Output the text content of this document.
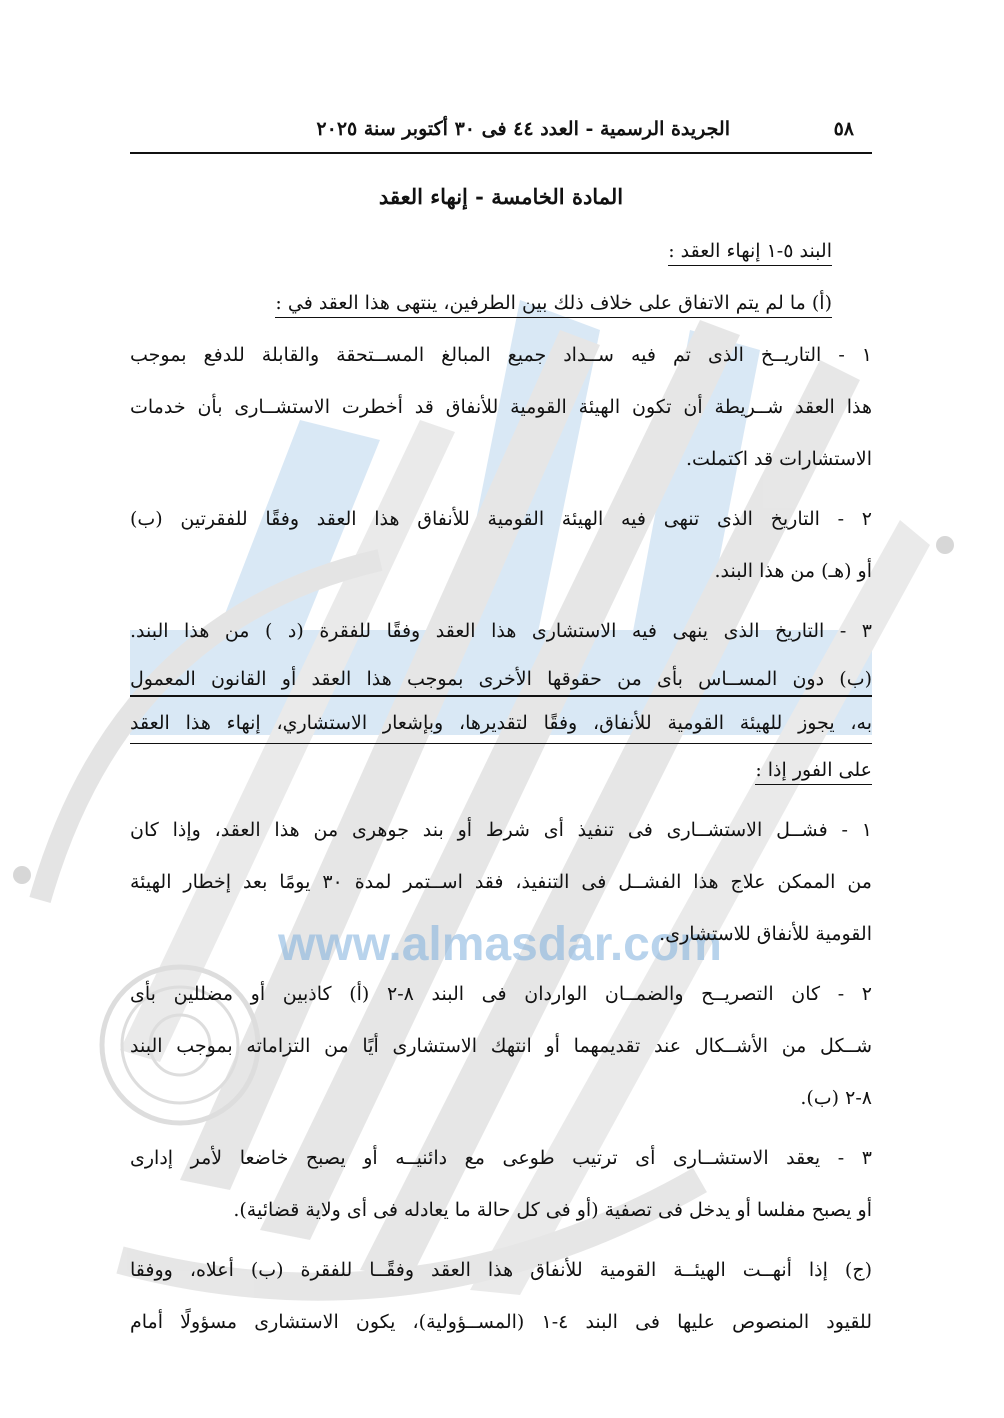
www.almasdar.com
٥٨
الجريدة الرسمية - العدد ٤٤ فى ٣٠ أكتوبر سنة ٢٠٢٥
المادة الخامسة - إنهاء العقد
البند ٥-١ إنهاء العقد :
(أ) ما لم يتم الاتفاق على خلاف ذلك بين الطرفين، ينتهى هذا العقد في :
١ - التاريــخ الذى تم فيه ســداد جميع المبالغ المســتحقة والقابلة للدفع بموجب
هذا العقد شــريطة أن تكون الهيئة القومية للأنفاق قد أخطرت الاستشــارى بأن خدمات
الاستشارات قد اكتملت.
٢ - التاريخ الذى تنهى فيه الهيئة القومية للأنفاق هذا العقد وفقًا للفقرتين (ب)
أو (هـ) من هذا البند.
٣ - التاريخ الذى ينهى فيه الاستشارى هذا العقد وفقًا للفقرة (د ) من هذا البند.
(ب) دون المســاس بأى من حقوقها الأخرى بموجب هذا العقد أو القانون المعمول
به، يجوز للهيئة القومية للأنفاق، وفقًا لتقديرها، وبإشعار الاستشاري، إنهاء هذا العقد
على الفور إذا :
١ - فشــل الاستشــارى فى تنفيذ أى شرط أو بند جوهرى من هذا العقد، وإذا كان
من الممكن علاج هذا الفشــل فى التنفيذ، فقد اســتمر لمدة ٣٠ يومًا بعد إخطار الهيئة
القومية للأنفاق للاستشارى.
٢ - كان التصريــح والضمــان الواردان فى البند ٨-٢ (أ) كاذبين أو مضللين بأى
شــكل من الأشــكال عند تقديمهما أو انتهك الاستشارى أيًا من التزاماته بموجب البند
٨-٢ (ب).
٣ - يعقد الاستشــارى أى ترتيب طوعى مع دائنيــه أو يصبح خاضعا لأمر إدارى
أو يصبح مفلسا أو يدخل فى تصفية (أو فى كل حالة ما يعادله فى أى ولاية قضائية).
(ج) إذا أنهــت الهيئــة القومية للأنفاق هذا العقد وفقًــا للفقرة (ب) أعلاه، ووفقا
للقيود المنصوص عليها فى البند ٤-١ (المســؤولية)، يكون الاستشارى مسؤولًا أمام
